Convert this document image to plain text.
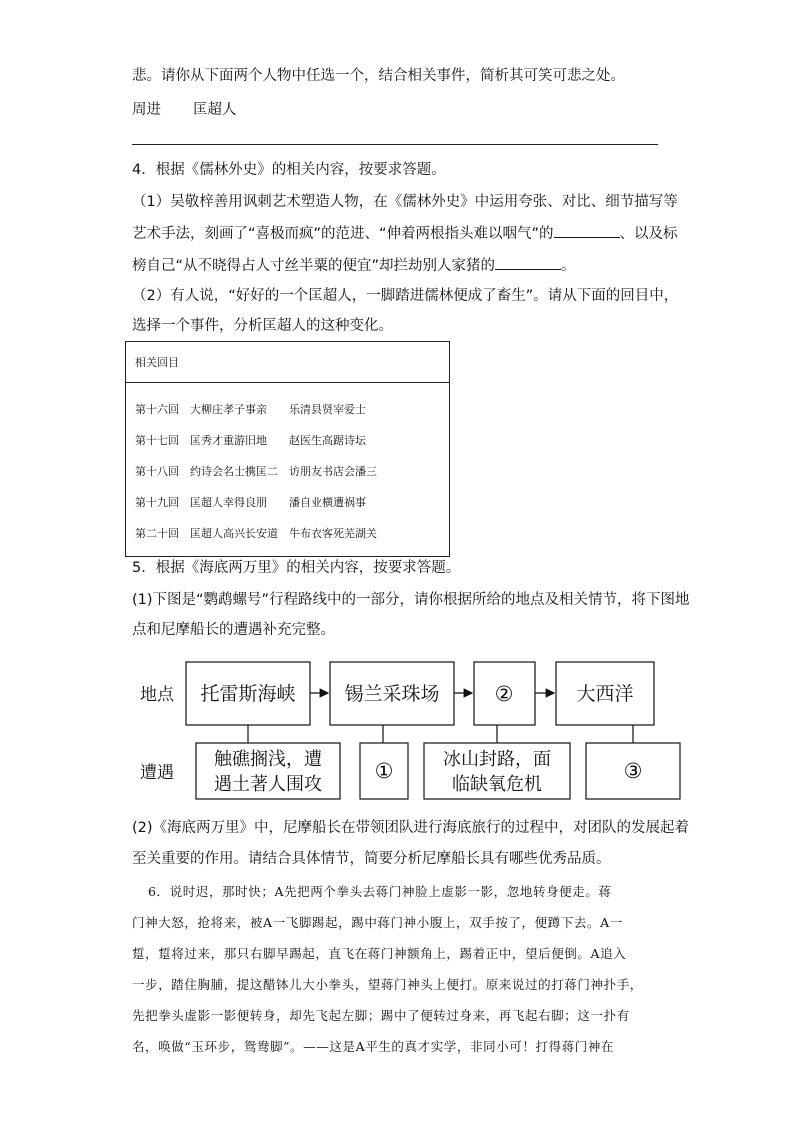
悲。请你从下面两个人物中任选一个，结合相关事件，简析其可笑可悲之处。
周进 匡超人
4．根据《儒林外史》的相关内容，按要求答题。
（1）吴敬梓善用讽刺艺术塑造人物，在《儒林外史》中运用夸张、对比、细节描写等
艺术手法，刻画了“喜极而疯”的范进、“伸着两根指头难以咽气”的	、以及标
榜自己“从不晓得占人寸丝半粟的便宜”却拦劫别人家猪的	。
（2）有人说，“好好的一个匡超人，一脚踏进儒林便成了畜生”。请从下面的回目中，
选择一个事件，分析匡超人的这种变化。
相关回目
第十六回　大柳庄孝子事亲　　乐清县贤宰爱士
第十七回　匡秀才重游旧地　　赵医生高踞诗坛
第十八回　约诗会名士携匡二　访朋友书店会潘三
第十九回　匡超人幸得良朋　　潘自业横遭祸事
第二十回　匡超人高兴长安道　牛布衣客死芜湖关
5．根据《海底两万里》的相关内容，按要求答题。
(1)下图是“鹦鹉螺号”行程路线中的一部分，请你根据所给的地点及相关情节，将下图地
点和尼摩船长的遭遇补充完整。
地点
遭遇
托雷斯海峡	锡兰采珠场	②	大西洋
触礁搁浅，遭
遇土著人围攻
①	冰山封路，面
临缺氧危机
③
(2)《海底两万里》中，尼摩船长在带领团队进行海底旅行的过程中，对团队的发展起着
至关重要的作用。请结合具体情节，简要分析尼摩船长具有哪些优秀品质。
6．说时迟，那时快；A先把两个拳头去蒋门神脸上虚影一影，忽地转身便走。蒋
门神大怒，抢将来，被A一飞脚踢起，踢中蒋门神小腹上，双手按了，便蹲下去。A一
踅，踅将过来，那只右脚早踢起，直飞在蒋门神额角上，踢着正中，望后便倒。A追入
一步，踏住胸脯，提这醋钵儿大小拳头，望蒋门神头上便打。原来说过的打蒋门神扑手，
先把拳头虚影一影便转身，却先飞起左脚；踢中了便转过身来，再飞起右脚；这一扑有
名，唤做“玉环步，鸳鸯脚”。——这是A平生的真才实学，非同小可！打得蒋门神在
